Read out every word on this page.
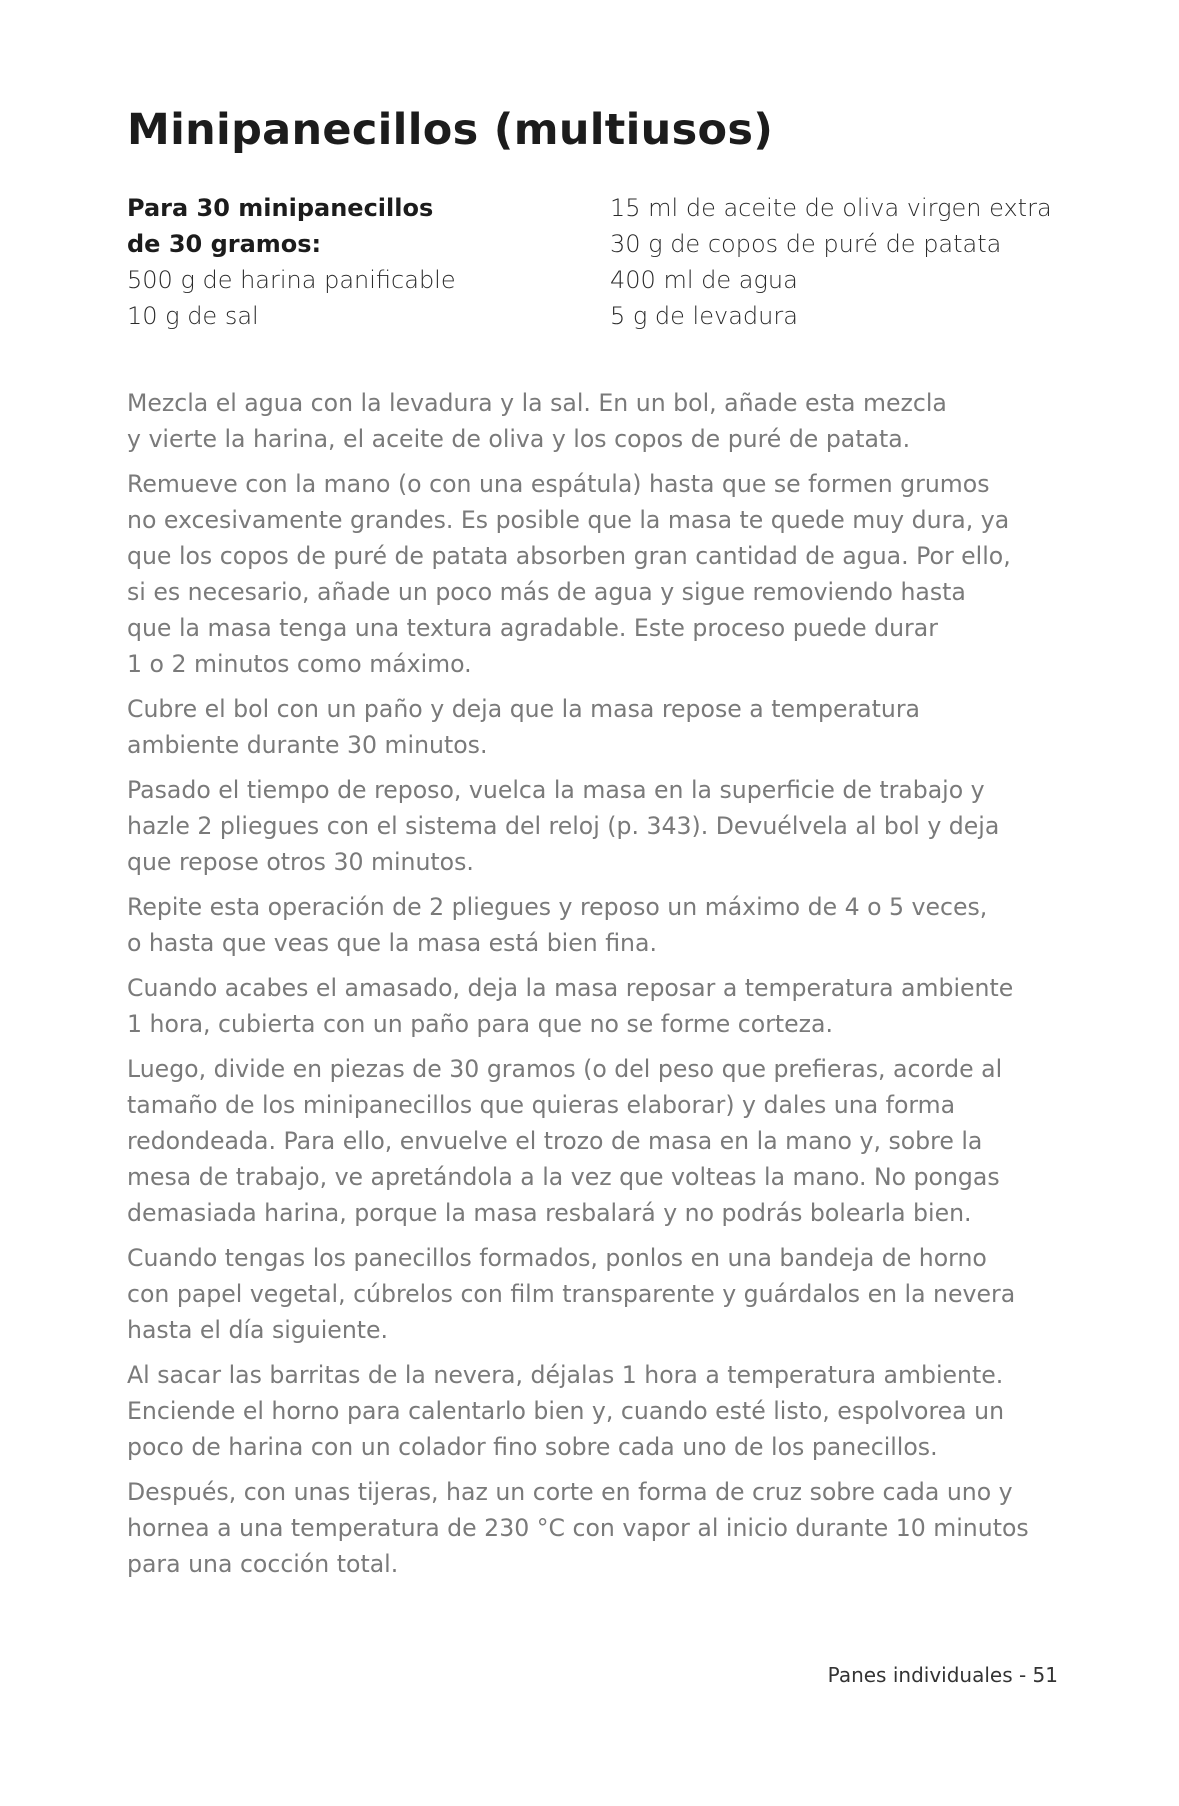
Minipanecillos (multiusos)
Para 30 minipanecillos
de 30 gramos:
500 g de harina panificable
10 g de sal
15 ml de aceite de oliva virgen extra
30 g de copos de puré de patata
400 ml de agua
5 g de levadura

Mezcla el agua con la levadura y la sal. En un bol, añade esta mezcla
y vierte la harina, el aceite de oliva y los copos de puré de patata.

Remueve con la mano (o con una espátula) hasta que se formen grumos
no excesivamente grandes. Es posible que la masa te quede muy dura, ya
que los copos de puré de patata absorben gran cantidad de agua. Por ello,
si es necesario, añade un poco más de agua y sigue removiendo hasta
que la masa tenga una textura agradable. Este proceso puede durar
1 o 2 minutos como máximo.

Cubre el bol con un paño y deja que la masa repose a temperatura
ambiente durante 30 minutos.

Pasado el tiempo de reposo, vuelca la masa en la superficie de trabajo y
hazle 2 pliegues con el sistema del reloj (p. 343). Devuélvela al bol y deja
que repose otros 30 minutos.

Repite esta operación de 2 pliegues y reposo un máximo de 4 o 5 veces,
o hasta que veas que la masa está bien fina.

Cuando acabes el amasado, deja la masa reposar a temperatura ambiente
1 hora, cubierta con un paño para que no se forme corteza.

Luego, divide en piezas de 30 gramos (o del peso que prefieras, acorde al
tamaño de los minipanecillos que quieras elaborar) y dales una forma
redondeada. Para ello, envuelve el trozo de masa en la mano y, sobre la
mesa de trabajo, ve apretándola a la vez que volteas la mano. No pongas
demasiada harina, porque la masa resbalará y no podrás bolearla bien.

Cuando tengas los panecillos formados, ponlos en una bandeja de horno
con papel vegetal, cúbrelos con film transparente y guárdalos en la nevera
hasta el día siguiente.

Al sacar las barritas de la nevera, déjalas 1 hora a temperatura ambiente.
Enciende el horno para calentarlo bien y, cuando esté listo, espolvorea un
poco de harina con un colador fino sobre cada uno de los panecillos.

Después, con unas tijeras, haz un corte en forma de cruz sobre cada uno y
hornea a una temperatura de 230 °C con vapor al inicio durante 10 minutos
para una cocción total.

Panes individuales - 51
